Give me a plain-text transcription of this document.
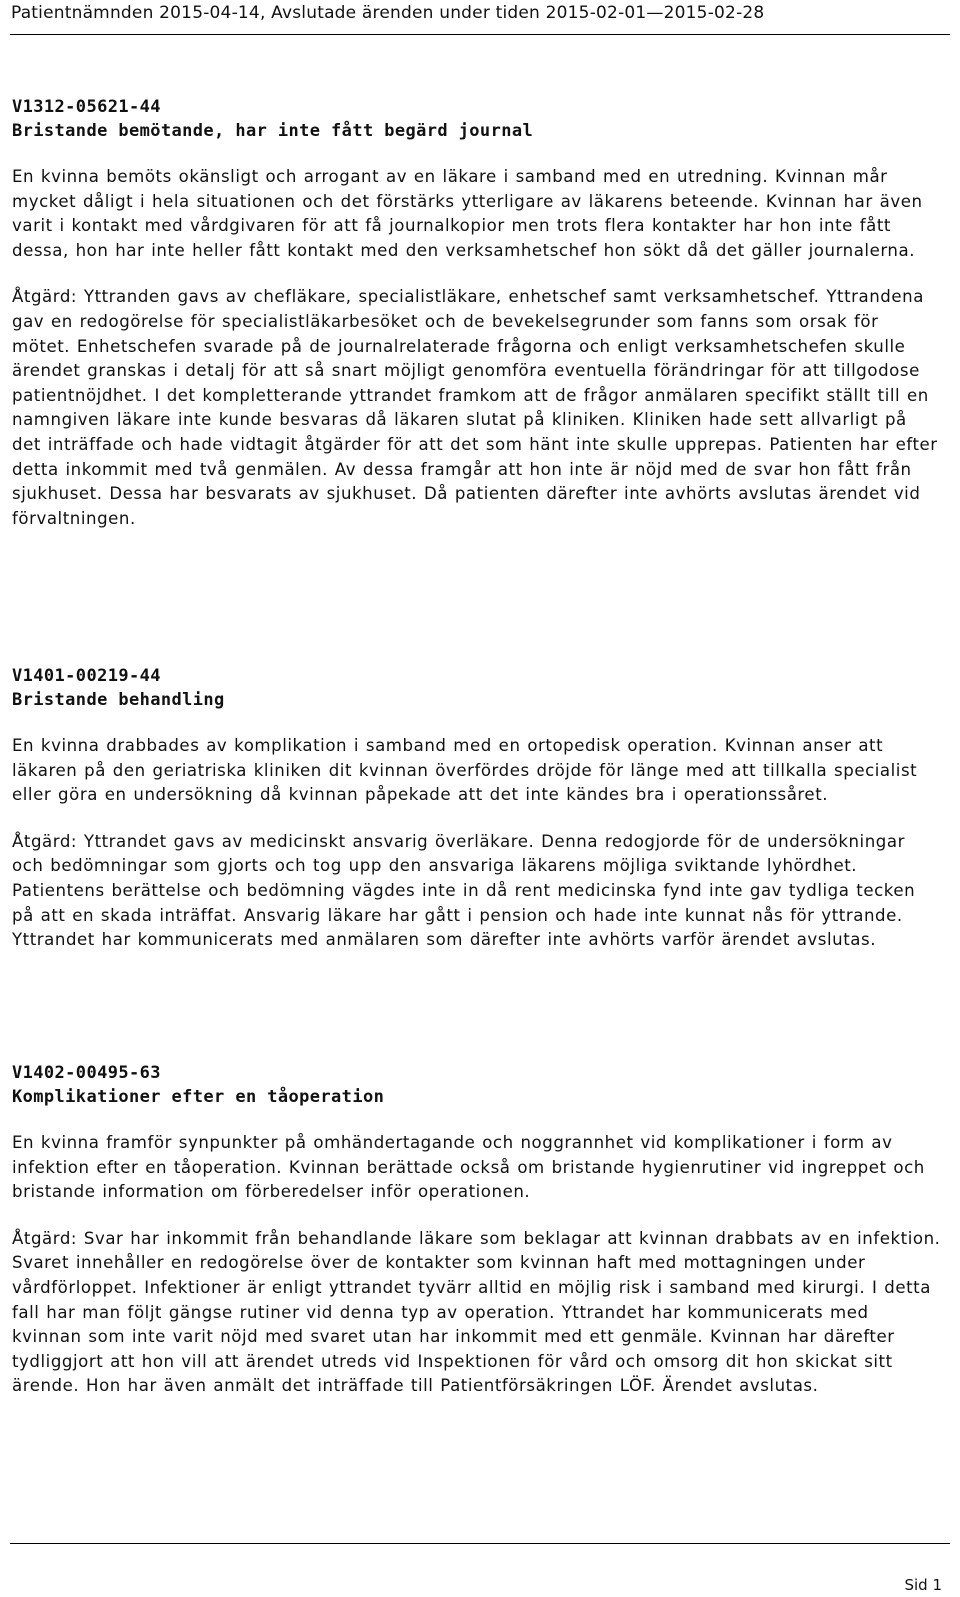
Patientnämnden 2015-04-14, Avslutade ärenden under tiden 2015-02-01—2015-02-28
V1312-05621-44
Bristande bemötande, har inte fått begärd journal

En kvinna bemöts okänsligt och arrogant av en läkare i samband med en utredning. Kvinnan mår mycket dåligt i hela situationen och det förstärks ytterligare av läkarens beteende. Kvinnan har även varit i kontakt med vårdgivaren för att få journalkopior men trots flera kontakter har hon inte fått dessa, hon har inte heller fått kontakt med den verksamhetschef hon sökt då det gäller journalerna.

Åtgärd: Yttranden gavs av chefläkare, specialistläkare, enhetschef samt verksamhetschef. Yttrandena gav en redogörelse för specialistläkarbesöket och de bevekelsegrunder som fanns som orsak för mötet. Enhetschefen svarade på de journalrelaterade frågorna och enligt verksamhetschefen skulle ärendet granskas i detalj för att så snart möjligt genomföra eventuella förändringar för att tillgodose patientnöjdhet. I det kompletterande yttrandet framkom att de frågor anmälaren specifikt ställt till en namngiven läkare inte kunde besvaras då läkaren slutat på kliniken. Kliniken hade sett allvarligt på det inträffade och hade vidtagit åtgärder för att det som hänt inte skulle upprepas. Patienten har efter detta inkommit med två genmälen. Av dessa framgår att hon inte är nöjd med de svar hon fått från sjukhuset. Dessa har besvarats av sjukhuset. Då patienten därefter inte avhörts avslutas ärendet vid förvaltningen.

V1401-00219-44
Bristande behandling

En kvinna drabbades av komplikation i samband med en ortopedisk operation. Kvinnan anser att läkaren på den geriatriska kliniken dit kvinnan överfördes dröjde för länge med att tillkalla specialist eller göra en undersökning då kvinnan påpekade att det inte kändes bra i operationssåret.

Åtgärd: Yttrandet gavs av medicinskt ansvarig överläkare. Denna redogjorde för de undersökningar och bedömningar som gjorts och tog upp den ansvariga läkarens möjliga sviktande lyhördhet. Patientens berättelse och bedömning vägdes inte in då rent medicinska fynd inte gav tydliga tecken på att en skada inträffat. Ansvarig läkare har gått i pension och hade inte kunnat nås för yttrande. Yttrandet har kommunicerats med anmälaren som därefter inte avhörts varför ärendet avslutas.

V1402-00495-63
Komplikationer efter en tåoperation

En kvinna framför synpunkter på omhändertagande och noggrannhet vid komplikationer i form av infektion efter en tåoperation. Kvinnan berättade också om bristande hygienrutiner vid ingreppet och bristande information om förberedelser inför operationen.

Åtgärd: Svar har inkommit från behandlande läkare som beklagar att kvinnan drabbats av en infektion. Svaret innehåller en redogörelse över de kontakter som kvinnan haft med mottagningen under vårdförloppet. Infektioner är enligt yttrandet tyvärr alltid en möjlig risk i samband med kirurgi. I detta fall har man följt gängse rutiner vid denna typ av operation. Yttrandet har kommunicerats med kvinnan som inte varit nöjd med svaret utan har inkommit med ett genmäle. Kvinnan har därefter tydliggjort att hon vill att ärendet utreds vid Inspektionen för vård och omsorg dit hon skickat sitt ärende. Hon har även anmält det inträffade till Patientförsäkringen LÖF. Ärendet avslutas.

Sid 1
